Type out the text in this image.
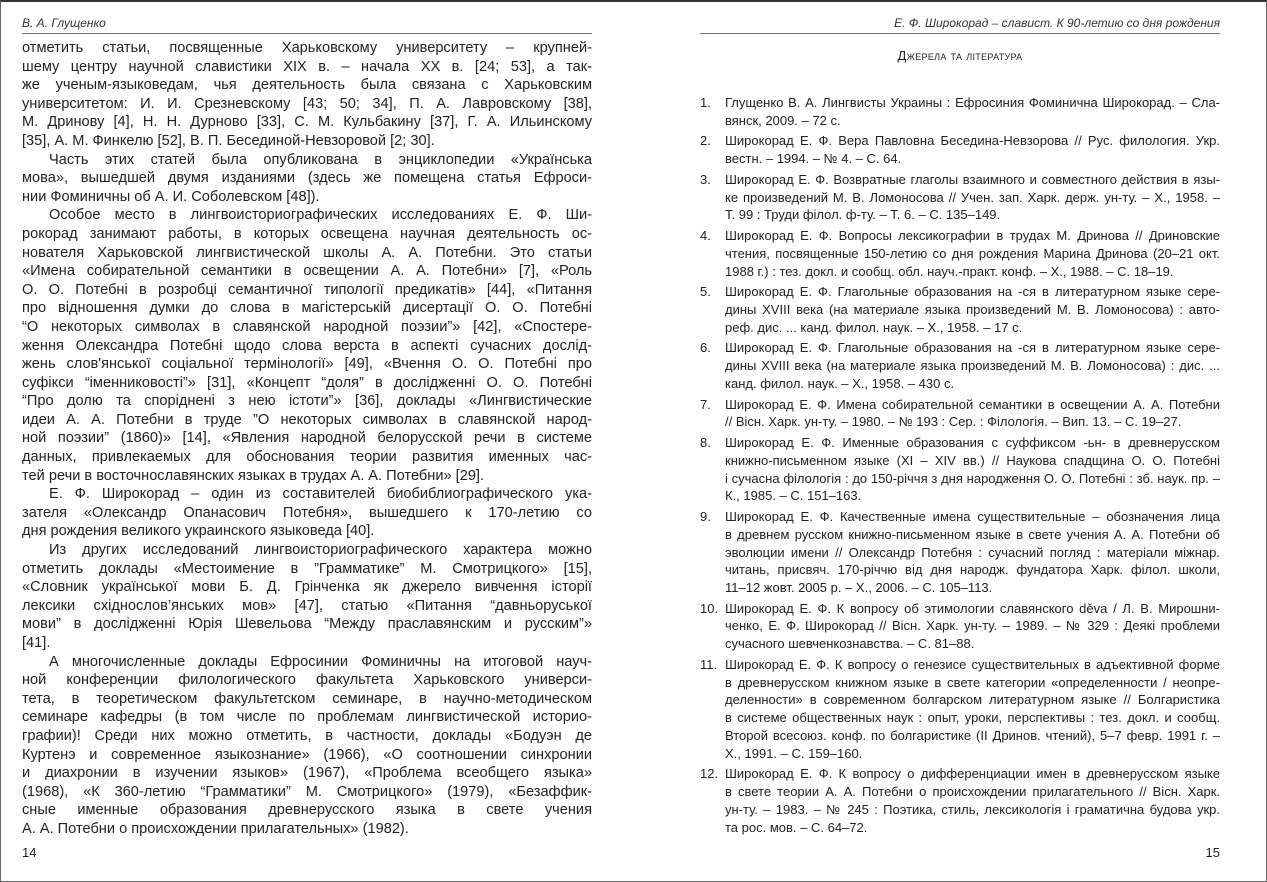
В. А. Глущенко
отметить статьи, посвященные Харьковскому университету – крупней-
шему центру научной славистики XIX в. – начала XX в. [24; 53], а так-
же ученым-языковедам, чья деятельность была связана с Харьковским
университетом: И. И. Срезневскому [43; 50; 34], П. А. Лавровскому [38],
М. Дринову [4], Н. Н. Дурново [33], С. М. Кульбакину [37], Г. А. Ильинскому
[35], А. М. Финкелю [52], В. П. Бесединой-Невзоровой [2; 30].
Часть этих статей была опубликована в энциклопедии «Українська
мова», вышедшей двумя изданиями (здесь же помещена статья Ефроси-
нии Фоминичны об А. И. Соболевском [48]).
Особое место в лингвоисториографических исследованиях Е. Ф. Ши-
рокорад занимают работы, в которых освещена научная деятельность ос-
нователя Харьковской лингвистической школы А. А. Потебни. Это статьи
«Имена собирательной семантики в освещении А. А. Потебни» [7], «Роль
О. О. Потебні в розробці семантичної типології предикатів» [44], «Питання
про відношення думки до слова в магістерській дисертації О. О. Потебні
“О некоторых символах в славянской народной поэзии”» [42], «Спостере-
ження Олександра Потебні щодо слова верста в аспекті сучасних дослід-
жень слов'янської соціальної термінології» [49], «Вчення О. О. Потебні про
суфікси “іменниковості”» [31], «Концепт “доля” в дослідженні О. О. Потебні
“Про долю та споріднені з нею істоти”» [36], доклады «Лингвистические
идеи А. А. Потебни в труде ”О некоторых символах в славянской народ-
ной поэзии” (1860)» [14], «Явления народной белорусской речи в системе
данных, привлекаемых для обоснования теории развития именных час-
тей речи в восточнославянских языках в трудах А. А. Потебни» [29].
Е. Ф. Широкорад – один из составителей биобиблиографического ука-
зателя «Олександр Опанасович Потебня», вышедшего к 170-летию со
дня рождения великого украинского языковеда [40].
Из других исследований лингвоисториографического характера можно
отметить доклады «Местоимение в ”Грамматике” М. Смотрицкого» [15],
«Словник української мови Б. Д. Грінченка як джерело вивчення історії
лексики східнослов’янських мов» [47], статью «Питання “давньоруської
мови” в дослідженні Юрія Шевельова “Между праславянским и русским”»
[41].
А многочисленные доклады Ефросинии Фоминичны на итоговой науч-
ной конференции филологического факультета Харьковского универси-
тета, в теоретическом факультетском семинаре, в научно-методическом
семинаре кафедры (в том числе по проблемам лингвистической историо-
графии)! Среди них можно отметить, в частности, доклады «Бодуэн де
Куртенэ и современное языкознание» (1966), «О соотношении синхронии
и диахронии в изучении языков» (1967), «Проблема всеобщего языка»
(1968), «К 360-летию “Грамматики” М. Смотрицкого» (1979), «Безаффик-
сные именные образования древнерусского языка в свете учения
А. А. Потебни о происхождении прилагательных» (1982).
14
Е. Ф. Широкорад – славист. К 90-летию со дня рождения
Джерела та література
1. Глущенко В. А. Лингвисты Украины : Ефросиния Фоминична Широкорад. – Сла-
вянск, 2009. – 72 с.
2. Широкорад Е. Ф. Вера Павловна Беседина-Невзорова // Рус. филология. Укр.
вестн. – 1994. – № 4. – С. 64.
3. Широкорад Е. Ф. Возвратные глаголы взаимного и совместного действия в язы-
ке произведений М. В. Ломоносова // Учен. зап. Харк. держ. ун-ту. – Х., 1958. –
Т. 99 : Труди філол. ф-ту. – Т. 6. – С. 135–149.
4. Широкорад Е. Ф. Вопросы лексикографии в трудах М. Дринова // Дриновские
чтения, посвященные 150-летию со дня рождения Марина Дринова (20–21 окт.
1988 г.) : тез. докл. и сообщ. обл. науч.-практ. конф. – Х., 1988. – С. 18–19.
5. Широкорад Е. Ф. Глагольные образования на -ся в литературном языке сере-
дины XVIII века (на материале языка произведений М. В. Ломоносова) : авто-
реф. дис. ... канд. филол. наук. – Х., 1958. – 17 с.
6. Широкорад Е. Ф. Глагольные образования на -ся в литературном языке сере-
дины XVIII века (на материале языка произведений М. В. Ломоносова) : дис. ...
канд. филол. наук. – Х., 1958. – 430 с.
7. Широкорад Е. Ф. Имена собирательной семантики в освещении А. А. Потебни
// Вісн. Харк. ун-ту. – 1980. – № 193 : Сер. : Філологія. – Вип. 13. – С. 19–27.
8. Широкорад Е. Ф. Именные образования с суффиксом -ьн- в древнерусском
книжно-письменном языке (XI – XIV вв.) // Наукова спадщина О. О. Потебні
і сучасна філологія : до 150-річчя з дня народження О. О. Потебні : зб. наук. пр. –
К., 1985. – С. 151–163.
9. Широкорад Е. Ф. Качественные имена существительные – обозначения лица
в древнем русском книжно-письменном языке в свете учения А. А. Потебни об
эволюции имени // Олександр Потебня : сучасний погляд : матеріали міжнар.
читань, присвяч. 170-річчю від дня народж. фундатора Харк. філол. школи,
11–12 жовт. 2005 р. – Х., 2006. – С. 105–113.
10. Широкорад Е. Ф. К вопросу об этимологии славянского děva / Л. В. Мирошни-
ченко, Е. Ф. Широкорад // Вісн. Харк. ун-ту. – 1989. – № 329 : Деякі проблеми
сучасного шевченкознавства. – С. 81–88.
11. Широкорад Е. Ф. К вопросу о генезисе существительных в адъективной форме
в древнерусском книжном языке в свете категории «определенности / неопре-
деленности» в современном болгарском литературном языке // Болгаристика
в системе общественных наук : опыт, уроки, перспективы : тез. докл. и сообщ.
Второй всесоюз. конф. по болгаристике (II Дринов. чтений), 5–7 февр. 1991 г. –
Х., 1991. – С. 159–160.
12. Широкорад Е. Ф. К вопросу о дифференциации имен в древнерусском языке
в свете теории А. А. Потебни о происхождении прилагательного // Вісн. Харк.
ун-ту. – 1983. – № 245 : Поэтика, стиль, лексикологія і граматична будова укр.
та рос. мов. – С. 64–72.
15
